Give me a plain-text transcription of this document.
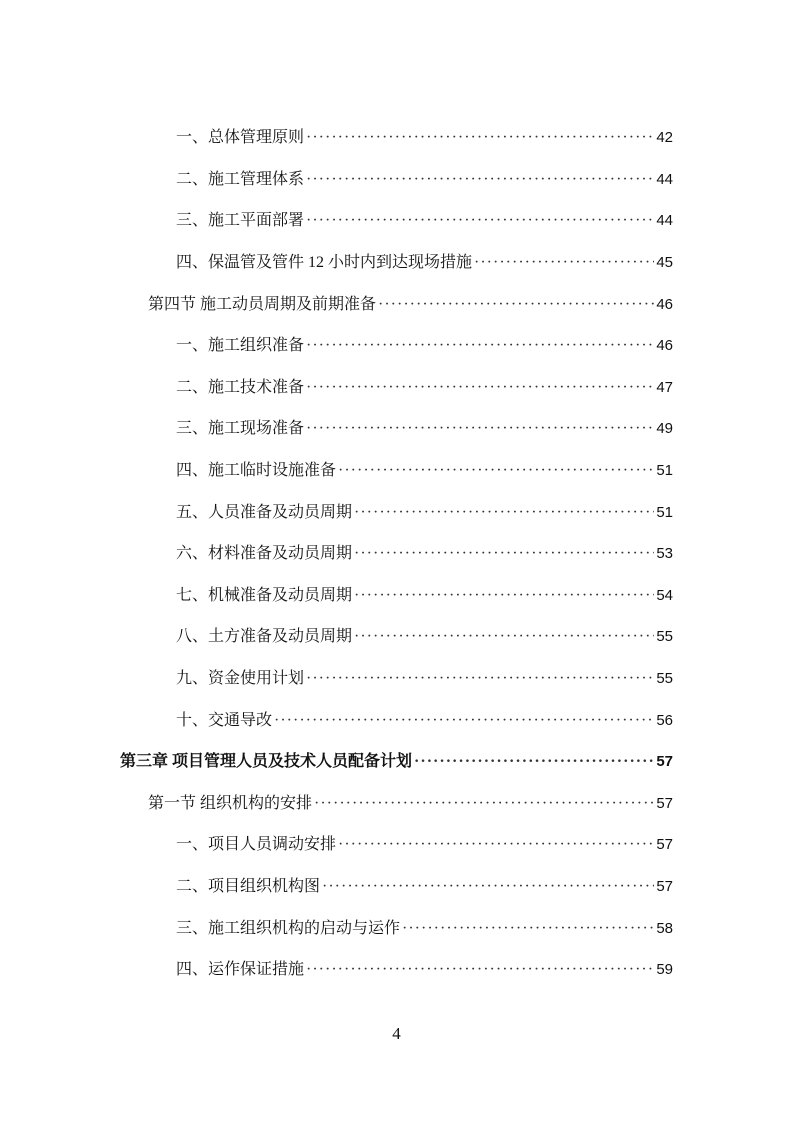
一、总体管理原则 ·····	42
二、施工管理体系 ·····	44
三、施工平面部署 ·····	44
四、保温管及管件 12 小时内到达现场措施 ·····	45
第四节 施工动员周期及前期准备 ·····	46
一、施工组织准备 ·····	46
二、施工技术准备 ·····	47
三、施工现场准备 ·····	49
四、施工临时设施准备 ·····	51
五、人员准备及动员周期 ·····	51
六、材料准备及动员周期 ·····	53
七、机械准备及动员周期 ·····	54
八、土方准备及动员周期 ·····	55
九、资金使用计划 ·····	55
十、交通导改 ·····	56
第三章 项目管理人员及技术人员配备计划 ·····	57
第一节 组织机构的安排 ·····	57
一、项目人员调动安排 ·····	57
二、项目组织机构图 ·····	57
三、施工组织机构的启动与运作 ·····	58
四、运作保证措施 ·····	59
4
